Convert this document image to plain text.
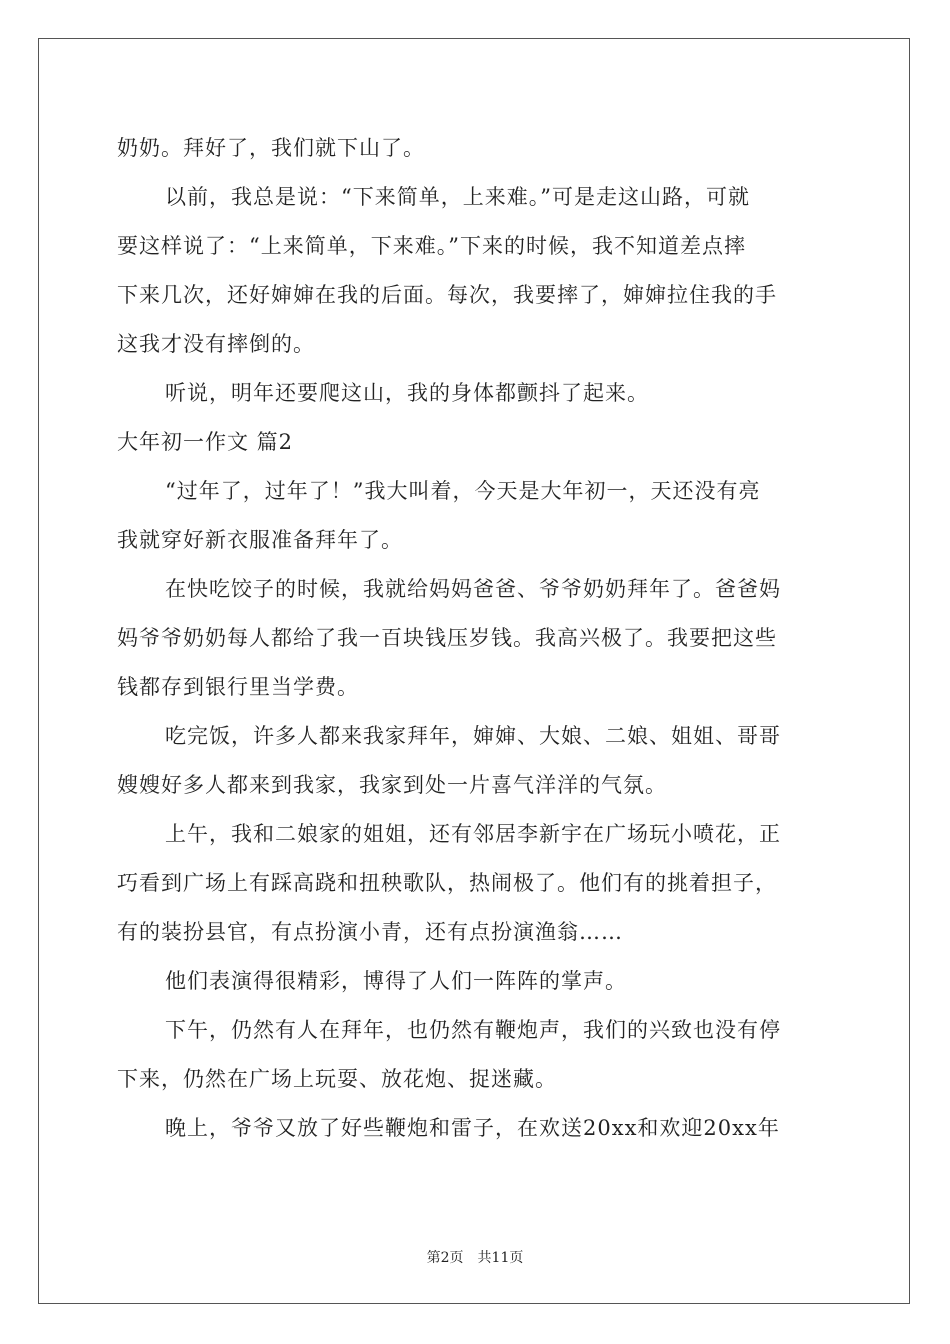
奶奶。拜好了，我们就下山了。
以前，我总是说：“下来简单，上来难。”可是走这山路，可就
要这样说了：“上来简单，下来难。”下来的时候，我不知道差点摔
下来几次，还好婶婶在我的后面。每次，我要摔了，婶婶拉住我的手
这我才没有摔倒的。
听说，明年还要爬这山，我的身体都颤抖了起来。
大年初一作文 篇2
“过年了，过年了！”我大叫着，今天是大年初一，天还没有亮
我就穿好新衣服准备拜年了。
在快吃饺子的时候，我就给妈妈爸爸、爷爷奶奶拜年了。爸爸妈
妈爷爷奶奶每人都给了我一百块钱压岁钱。我高兴极了。我要把这些
钱都存到银行里当学费。
吃完饭，许多人都来我家拜年，婶婶、大娘、二娘、姐姐、哥哥
嫂嫂好多人都来到我家，我家到处一片喜气洋洋的气氛。
上午，我和二娘家的姐姐，还有邻居李新宇在广场玩小喷花，正
巧看到广场上有踩高跷和扭秧歌队，热闹极了。他们有的挑着担子，
有的装扮县官，有点扮演小青，还有点扮演渔翁……
他们表演得很精彩，博得了人们一阵阵的掌声。
下午，仍然有人在拜年，也仍然有鞭炮声，我们的兴致也没有停
下来，仍然在广场上玩耍、放花炮、捉迷藏。
晚上，爷爷又放了好些鞭炮和雷子，在欢送20xx和欢迎20xx年
第2页　共11页
